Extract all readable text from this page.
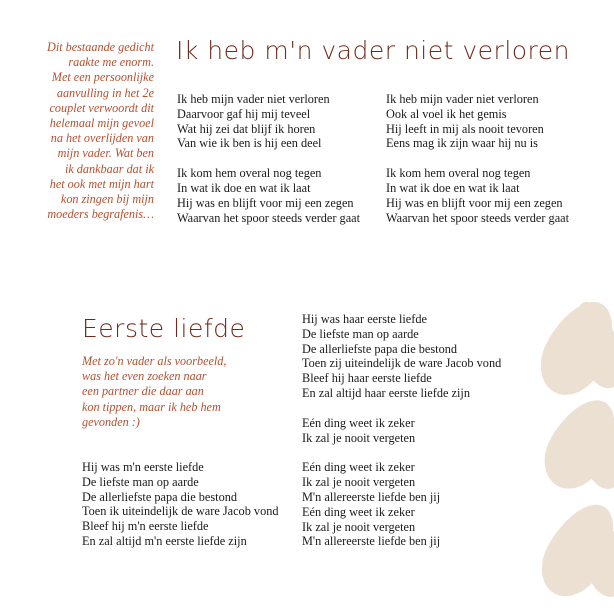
Dit bestaande gedicht
raakte me enorm.
Met een persoonlijke
aanvulling in het 2e
couplet verwoordt dit
helemaal mijn gevoel
na het overlijden van
mijn vader. Wat ben
ik dankbaar dat ik
het ook met mijn hart
kon zingen bij mijn
moeders begrafenis…
Ik heb m'n vader niet verloren
Ik heb mijn vader niet verloren
Daarvoor gaf hij mij teveel
Wat hij zei dat blijf ik horen
Van wie ik ben is hij een deel
Ik kom hem overal nog tegen
In wat ik doe en wat ik laat
Hij was en blijft voor mij een zegen
Waarvan het spoor steeds verder gaat
Ik heb mijn vader niet verloren
Ook al voel ik het gemis
Hij leeft in mij als nooit tevoren
Eens mag ik zijn waar hij nu is
Ik kom hem overal nog tegen
In wat ik doe en wat ik laat
Hij was en blijft voor mij een zegen
Waarvan het spoor steeds verder gaat
Eerste liefde
Met zo'n vader als voorbeeld,
was het even zoeken naar
een partner die daar aan
kon tippen, maar ik heb hem
gevonden :)
Hij was m'n eerste liefde
De liefste man op aarde
De allerliefste papa die bestond
Toen ik uiteindelijk de ware Jacob vond
Bleef hij m'n eerste liefde
En zal altijd m'n eerste liefde zijn
Hij was haar eerste liefde
De liefste man op aarde
De allerliefste papa die bestond
Toen zij uiteindelijk de ware Jacob vond
Bleef hij haar eerste liefde
En zal altijd haar eerste liefde zijn
Eén ding weet ik zeker
Ik zal je nooit vergeten
Eén ding weet ik zeker
Ik zal je nooit vergeten
M'n allereerste liefde ben jij
Eén ding weet ik zeker
Ik zal je nooit vergeten
M'n allereerste liefde ben jij
